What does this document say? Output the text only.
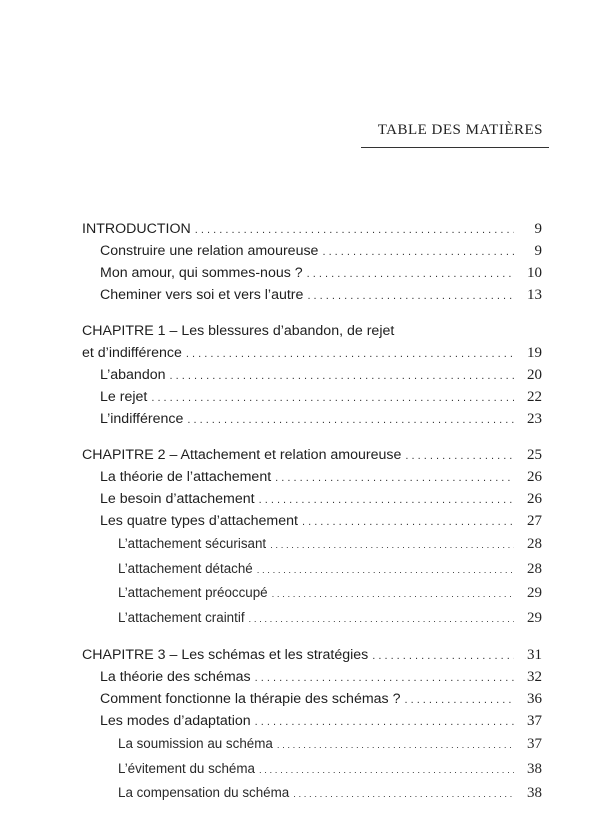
TABLE DES MATIÈRES
INTRODUCTION . . .	9
Construire une relation amoureuse . . .	9
Mon amour, qui sommes-nous ? . . .	10
Cheminer vers soi et vers l’autre . . .	13
CHAPITRE 1 – Les blessures d’abandon, de rejet
et d’indifférence . . .	19
L’abandon . . .	20
Le rejet . . .	22
L’indifférence . . .	23
CHAPITRE 2 – Attachement et relation amoureuse . . .	25
La théorie de l’attachement . . .	26
Le besoin d’attachement . . .	26
Les quatre types d’attachement . . .	27
L’attachement sécurisant . . .	28
L’attachement détaché . . .	28
L’attachement préoccupé . . .	29
L’attachement craintif . . .	29
CHAPITRE 3 – Les schémas et les stratégies . . .	31
La théorie des schémas . . .	32
Comment fonctionne la thérapie des schémas ? . . .	36
Les modes d’adaptation . . .	37
La soumission au schéma . . .	37
L’évitement du schéma . . .	38
La compensation du schéma . . .	38
